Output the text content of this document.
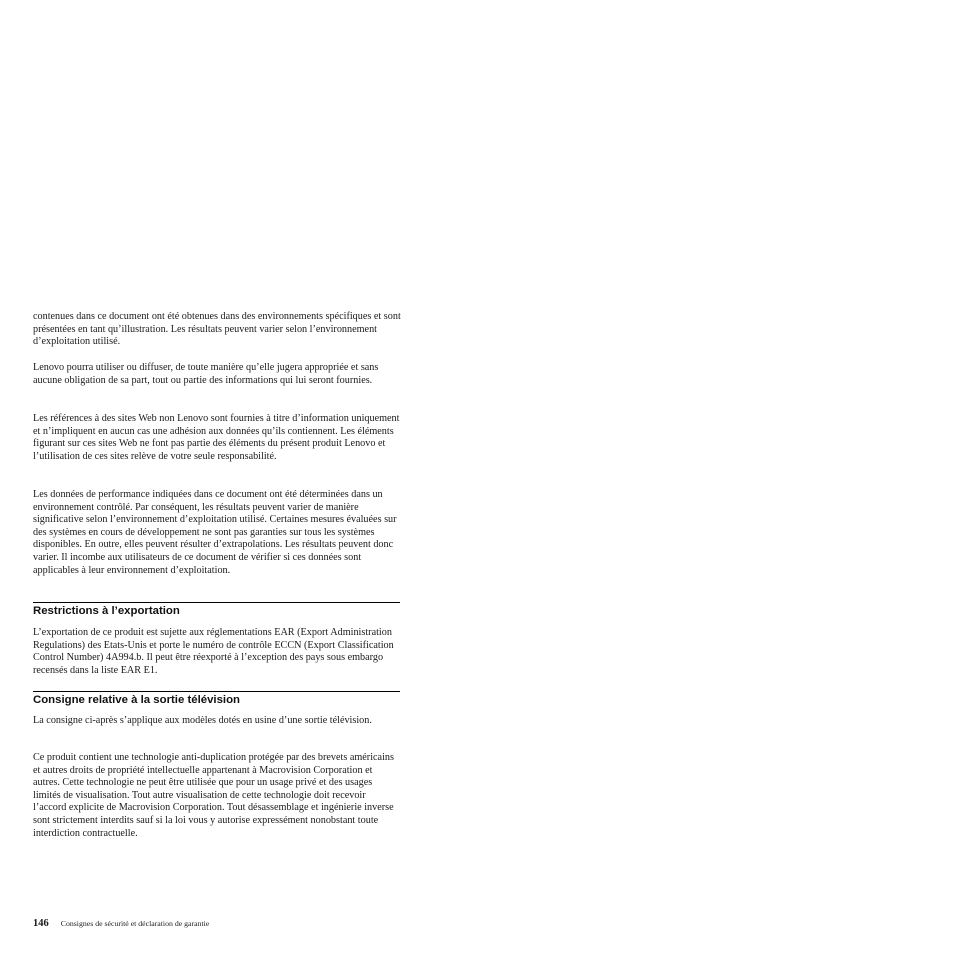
contenues dans ce document ont été obtenues dans des environnements spécifiques et sont présentées en tant qu’illustration. Les résultats peuvent varier selon l’environnement d’exploitation utilisé.

Lenovo pourra utiliser ou diffuser, de toute manière qu’elle jugera appropriée et sans aucune obligation de sa part, tout ou partie des informations qui lui seront fournies.

Les références à des sites Web non Lenovo sont fournies à titre d’information uniquement et n’impliquent en aucun cas une adhésion aux données qu’ils contiennent. Les éléments figurant sur ces sites Web ne font pas partie des éléments du présent produit Lenovo et l’utilisation de ces sites relève de votre seule responsabilité.

Les données de performance indiquées dans ce document ont été déterminées dans un environnement contrôlé. Par conséquent, les résultats peuvent varier de manière significative selon l’environnement d’exploitation utilisé. Certaines mesures évaluées sur des systèmes en cours de développement ne sont pas garanties sur tous les systèmes disponibles. En outre, elles peuvent résulter d’extrapolations. Les résultats peuvent donc varier. Il incombe aux utilisateurs de ce document de vérifier si ces données sont applicables à leur environnement d’exploitation.

Restrictions à l’exportation

L’exportation de ce produit est sujette aux réglementations EAR (Export Administration Regulations) des Etats-Unis et porte le numéro de contrôle ECCN (Export Classification Control Number) 4A994.b. Il peut être réexporté à l’exception des pays sous embargo recensés dans la liste EAR E1.

Consigne relative à la sortie télévision

La consigne ci-après s’applique aux modèles dotés en usine d’une sortie télévision.

Ce produit contient une technologie anti-duplication protégée par des brevets américains et autres droits de propriété intellectuelle appartenant à Macrovision Corporation et autres. Cette technologie ne peut être utilisée que pour un usage privé et des usages limités de visualisation. Tout autre visualisation de cette technologie doit recevoir l’accord explicite de Macrovision Corporation. Tout désassemblage et ingénierie inverse sont strictement interdits sauf si la loi vous y autorise expressément nonobstant toute interdiction contractuelle.

146 Consignes de sécurité et déclaration de garantie
